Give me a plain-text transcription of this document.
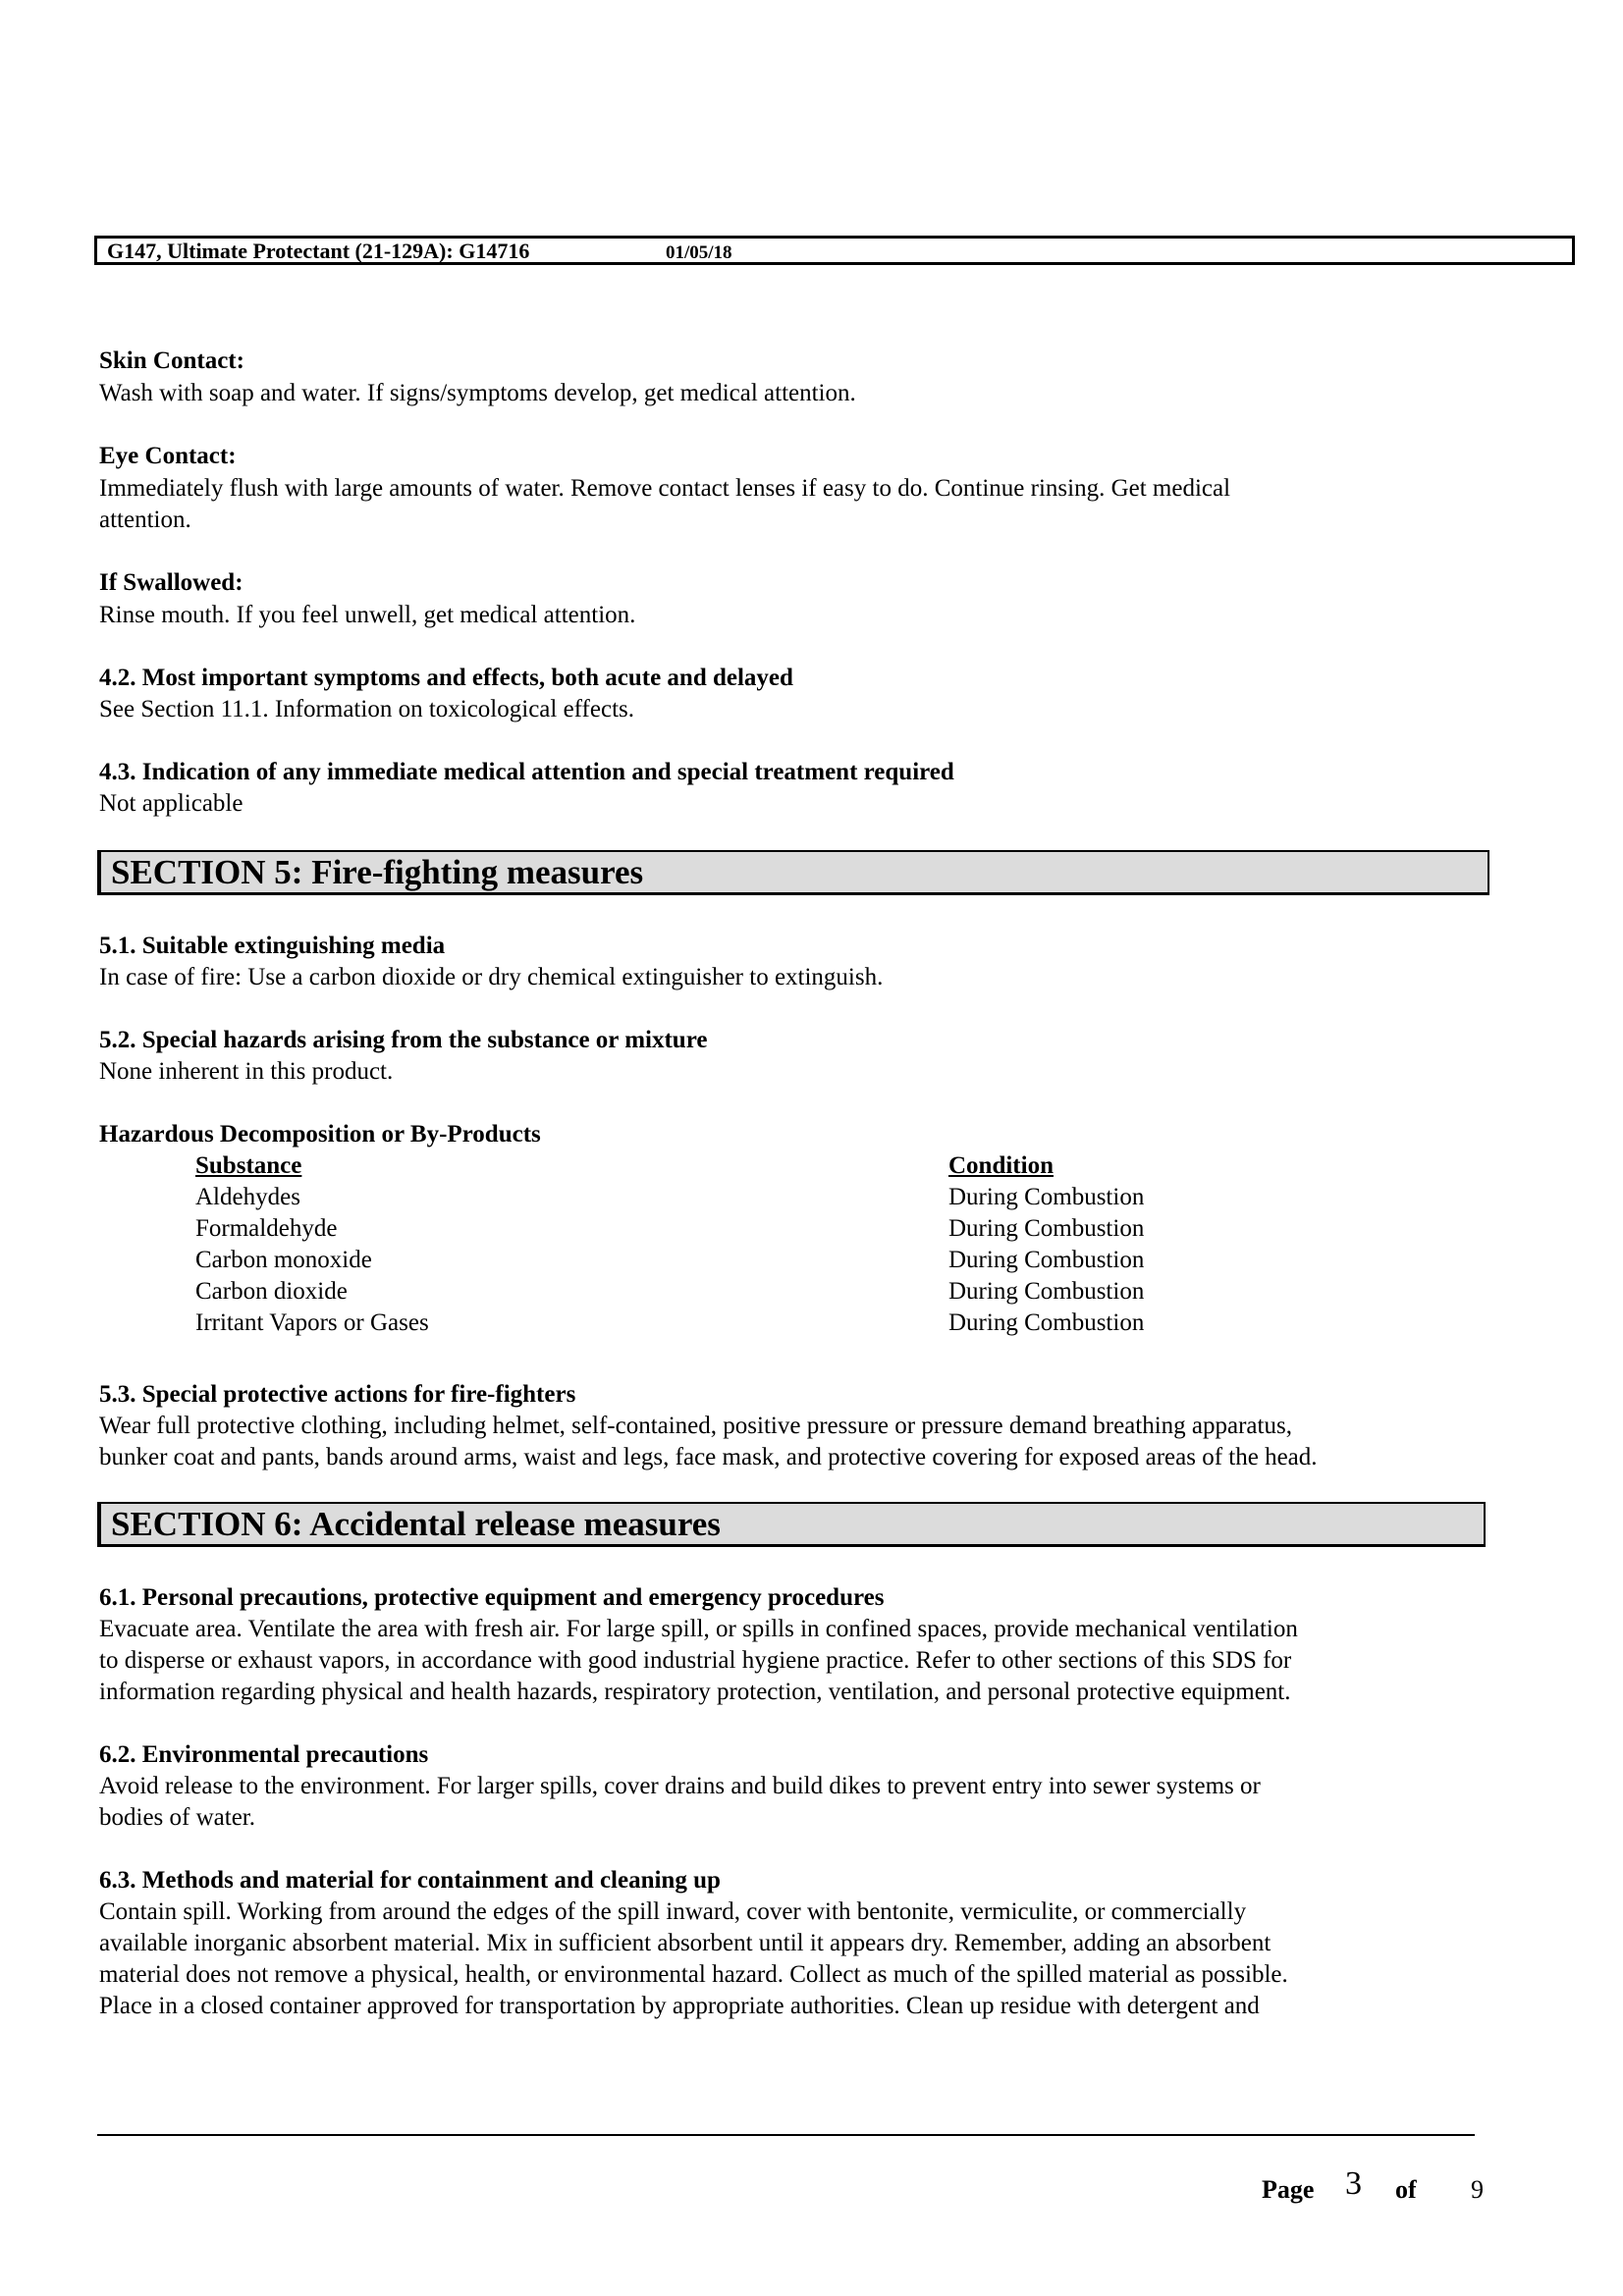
G147, Ultimate Protectant (21-129A): G14716	01/05/18
Skin Contact:
Wash with soap and water. If signs/symptoms develop, get medical attention.
Eye Contact:
Immediately flush with large amounts of water. Remove contact lenses if easy to do. Continue rinsing. Get medical
attention.
If Swallowed:
Rinse mouth. If you feel unwell, get medical attention.
4.2. Most important symptoms and effects, both acute and delayed
See Section 11.1. Information on toxicological effects.
4.3. Indication of any immediate medical attention and special treatment required
Not applicable
SECTION 5: Fire-fighting measures
5.1. Suitable extinguishing media
In case of fire: Use a carbon dioxide or dry chemical extinguisher to extinguish.
5.2. Special hazards arising from the substance or mixture
None inherent in this product.
Hazardous Decomposition or By-Products
Substance
Aldehydes
Formaldehyde
Carbon monoxide
Carbon dioxide
Irritant Vapors or Gases
Condition
During Combustion
During Combustion
During Combustion
During Combustion
During Combustion
5.3. Special protective actions for fire-fighters
Wear full protective clothing, including helmet, self-contained, positive pressure or pressure demand breathing apparatus,
bunker coat and pants, bands around arms, waist and legs, face mask, and protective covering for exposed areas of the head.
SECTION 6: Accidental release measures
6.1. Personal precautions, protective equipment and emergency procedures
Evacuate area. Ventilate the area with fresh air. For large spill, or spills in confined spaces, provide mechanical ventilation
to disperse or exhaust vapors, in accordance with good industrial hygiene practice. Refer to other sections of this SDS for
information regarding physical and health hazards, respiratory protection, ventilation, and personal protective equipment.
6.2. Environmental precautions
Avoid release to the environment. For larger spills, cover drains and build dikes to prevent entry into sewer systems or
bodies of water.
6.3. Methods and material for containment and cleaning up
Contain spill. Working from around the edges of the spill inward, cover with bentonite, vermiculite, or commercially
available inorganic absorbent material. Mix in sufficient absorbent until it appears dry. Remember, adding an absorbent
material does not remove a physical, health, or environmental hazard. Collect as much of the spilled material as possible.
Place in a closed container approved for transportation by appropriate authorities. Clean up residue with detergent and
Page 3 of 9
